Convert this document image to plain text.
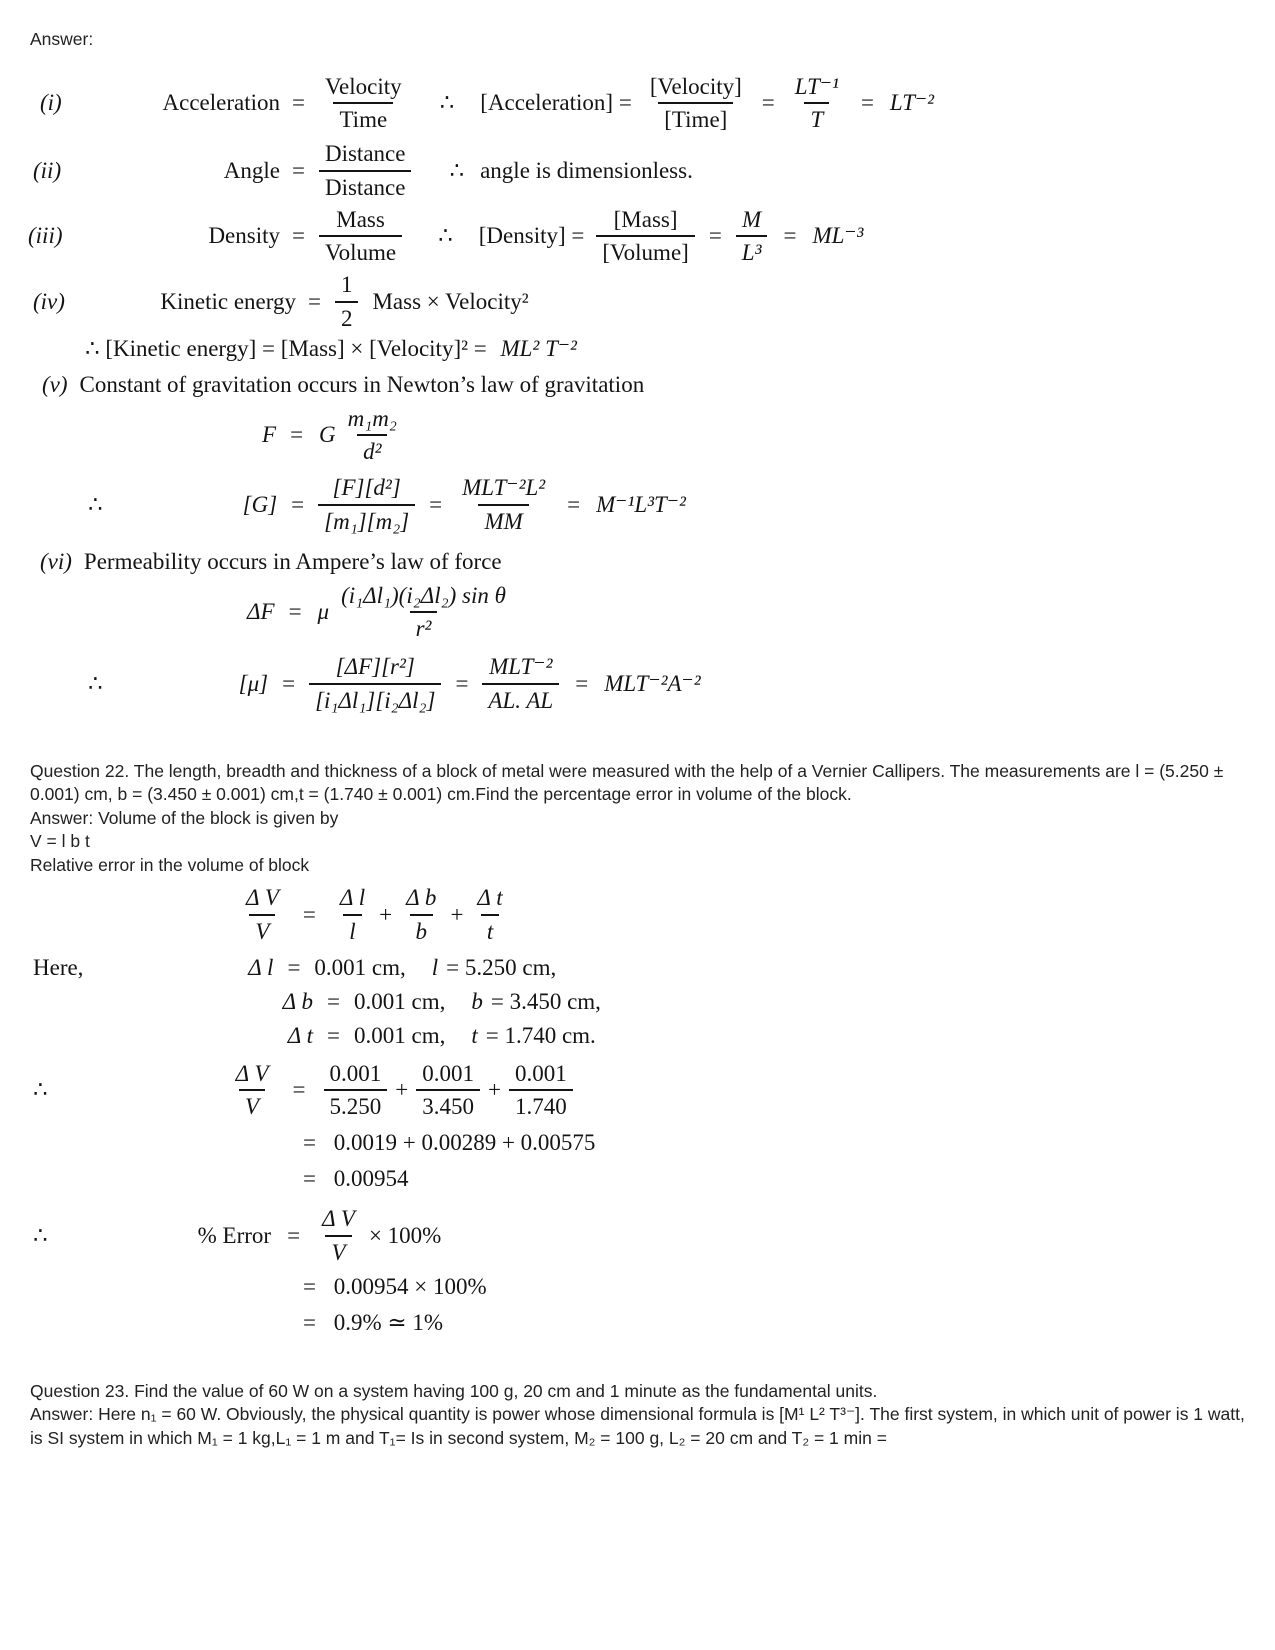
Answer:
(i)	Acceleration = $\frac{\text{Velocity}}{\text{Time}}$ ∴ [Acceleration] = $\frac{\text{[Velocity]}}{\text{[Time]}} = \frac{\text{LT⁻¹}}{T} = LT^{-2}$
(ii)	Angle = $\frac{\text{Distance}}{\text{Distance}}$ ∴ angle is dimensionless.
(iii)	Density = $\frac{\text{Mass}}{\text{Volume}}$ ∴ [Density] = $\frac{\text{[Mass]}}{\text{[Volume]}} = \frac{M}{\text{L³}} = ML^{-3}$
(iv)	Kinetic energy = $\frac{1}{2}$ Mass × Velocity²
∴ [Kinetic energy] = [Mass] × [Velocity]² = ML² T⁻²
(v) Constant of gravitation occurs in Newton’s law of gravitation
F = G $\frac{\text{m₁m₂}}{\text{d²}}$
∴	$[G] = \frac{\text{[F][d²]}}{\text{[m₁][m₂]}} = \frac{\text{MLT⁻²L²}}{MM} = M^{-1}L^3T^{-2}$
(vi) Permeability occurs in Ampere’s law of force
ΔF = μ $\frac{\text{(i₁Δl₁)(i₂Δl₂) sin θ}}{\text{r²}}$
∴	$[\mu] = \frac{\text{[ΔF][r²]}}{\text{[i₁Δl₁][i₂Δl₂]}} = \frac{\text{MLT⁻²}}{AL. AL} = MLT^{-2}A^{-2}$
Question 22. The length, breadth and thickness of a block of metal were measured with the help of a Vernier Callipers. The measurements are l = (5.250 ± 0.001) cm, b = (3.450 ± 0.001) cm,t = (1.740 ± 0.001) cm.Find the percentage error in volume of the block.
Answer: Volume of the block is given by
V = l b t
Relative error in the volume of block
$\frac{\text{Δ V}}{V} = \frac{\text{Δ l}}{l} + \frac{\text{Δ b}}{b} + \frac{\text{Δ t}}{t}$
Here,	Δ l = 0.001 cm, l = 5.250 cm,
Δ b = 0.001 cm, b = 3.450 cm,
Δ t = 0.001 cm, t = 1.740 cm.
∴	$\frac{\text{Δ V}}{V} = \frac{0.001}{5.250} + \frac{0.001}{3.450} + \frac{0.001}{1.740}$
= 0.0019 + 0.00289 + 0.00575
= 0.00954
∴	% Error = $\frac{\text{Δ V}}{V} \times 100\%$
= 0.00954 × 100%
= 0.9% ≃ 1%
Question 23. Find the value of 60 W on a system having 100 g, 20 cm and 1 minute as the fundamental units.
Answer: Here n₁ = 60 W. Obviously, the physical quantity is power whose dimensional formula is [M¹ L² T³⁻]. The first system, in which unit of power is 1 watt, is SI system in which M₁ = 1 kg,L₁ = 1 m and T₁= Is in second system, M₂ = 100 g, L₂ = 20 cm and T₂ = 1 min =
